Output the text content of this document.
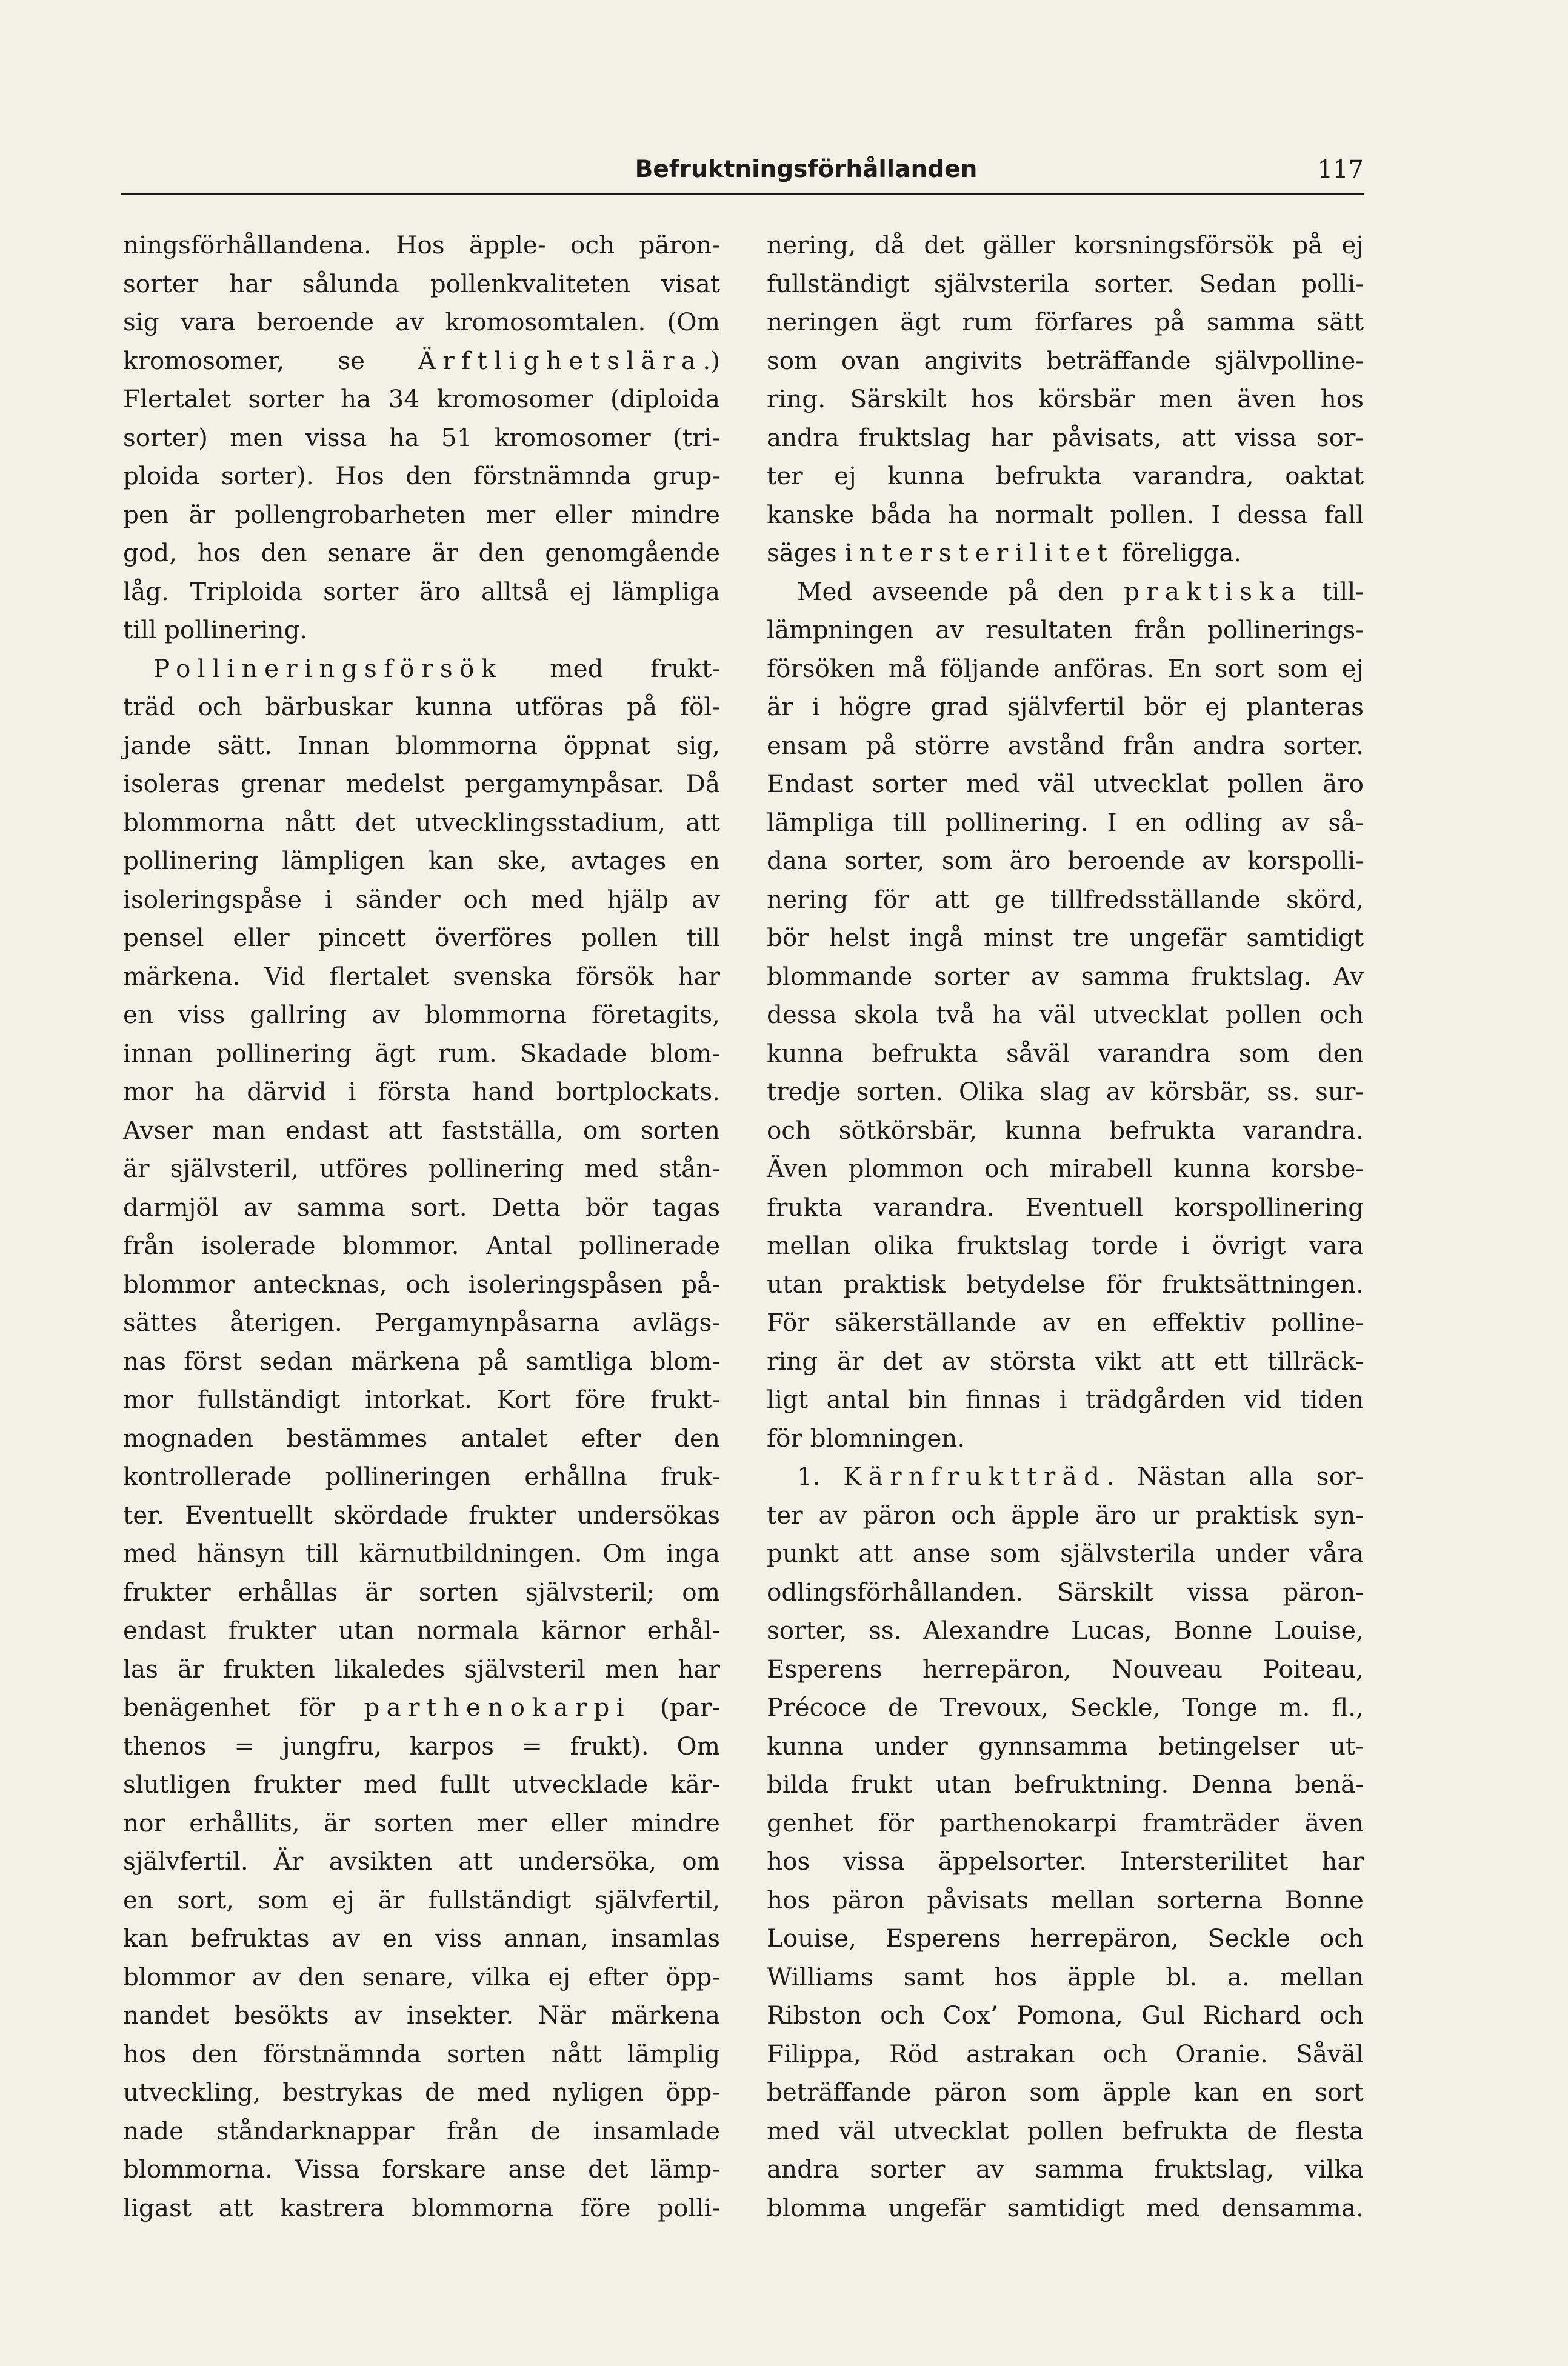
Befruktningsförhållanden	117
ningsförhållandena. Hos äpple- och päron-
sorter har sålunda pollenkvaliteten visat
sig vara beroende av kromosomtalen. (Om
kromosomer, se Ärftlighetslära.)
Flertalet sorter ha 34 kromosomer (diploida
sorter) men vissa ha 51 kromosomer (tri-
ploida sorter). Hos den förstnämnda grup-
pen är pollengrobarheten mer eller mindre
god, hos den senare är den genomgående
låg. Triploida sorter äro alltså ej lämpliga
till pollinering.
Pollineringsförsök med frukt-
träd och bärbuskar kunna utföras på föl-
jande sätt. Innan blommorna öppnat sig,
isoleras grenar medelst pergamynpåsar. Då
blommorna nått det utvecklingsstadium, att
pollinering lämpligen kan ske, avtages en
isoleringspåse i sänder och med hjälp av
pensel eller pincett överföres pollen till
märkena. Vid flertalet svenska försök har
en viss gallring av blommorna företagits,
innan pollinering ägt rum. Skadade blom-
mor ha därvid i första hand bortplockats.
Avser man endast att fastställa, om sorten
är självsteril, utföres pollinering med stån-
darmjöl av samma sort. Detta bör tagas
från isolerade blommor. Antal pollinerade
blommor antecknas, och isoleringspåsen på-
sättes återigen. Pergamynpåsarna avlägs-
nas först sedan märkena på samtliga blom-
mor fullständigt intorkat. Kort före frukt-
mognaden bestämmes antalet efter den
kontrollerade pollineringen erhållna fruk-
ter. Eventuellt skördade frukter undersökas
med hänsyn till kärnutbildningen. Om inga
frukter erhållas är sorten självsteril; om
endast frukter utan normala kärnor erhål-
las är frukten likaledes självsteril men har
benägenhet för parthenokarpi (par-
thenos = jungfru, karpos = frukt). Om
slutligen frukter med fullt utvecklade kär-
nor erhållits, är sorten mer eller mindre
självfertil. Är avsikten att undersöka, om
en sort, som ej är fullständigt självfertil,
kan befruktas av en viss annan, insamlas
blommor av den senare, vilka ej efter öpp-
nandet besökts av insekter. När märkena
hos den förstnämnda sorten nått lämplig
utveckling, bestrykas de med nyligen öpp-
nade ståndarknappar från de insamlade
blommorna. Vissa forskare anse det lämp-
ligast att kastrera blommorna före polli-
nering, då det gäller korsningsförsök på ej
fullständigt självsterila sorter. Sedan polli-
neringen ägt rum förfares på samma sätt
som ovan angivits beträffande självpolline-
ring. Särskilt hos körsbär men även hos
andra fruktslag har påvisats, att vissa sor-
ter ej kunna befrukta varandra, oaktat
kanske båda ha normalt pollen. I dessa fall
säges intersterilitet föreligga.
Med avseende på den praktiska till-
lämpningen av resultaten från pollinerings-
försöken må följande anföras. En sort som ej
är i högre grad självfertil bör ej planteras
ensam på större avstånd från andra sorter.
Endast sorter med väl utvecklat pollen äro
lämpliga till pollinering. I en odling av så-
dana sorter, som äro beroende av korspolli-
nering för att ge tillfredsställande skörd,
bör helst ingå minst tre ungefär samtidigt
blommande sorter av samma fruktslag. Av
dessa skola två ha väl utvecklat pollen och
kunna befrukta såväl varandra som den
tredje sorten. Olika slag av körsbär, ss. sur-
och sötkörsbär, kunna befrukta varandra.
Även plommon och mirabell kunna korsbe-
frukta varandra. Eventuell korspollinering
mellan olika fruktslag torde i övrigt vara
utan praktisk betydelse för fruktsättningen.
För säkerställande av en effektiv polline-
ring är det av största vikt att ett tillräck-
ligt antal bin finnas i trädgården vid tiden
för blomningen.
1. Kärnfruktträd. Nästan alla sor-
ter av päron och äpple äro ur praktisk syn-
punkt att anse som självsterila under våra
odlingsförhållanden. Särskilt vissa päron-
sorter, ss. Alexandre Lucas, Bonne Louise,
Esperens herrepäron, Nouveau Poiteau,
Précoce de Trevoux, Seckle, Tonge m. fl.,
kunna under gynnsamma betingelser ut-
bilda frukt utan befruktning. Denna benä-
genhet för parthenokarpi framträder även
hos vissa äppelsorter. Intersterilitet har
hos päron påvisats mellan sorterna Bonne
Louise, Esperens herrepäron, Seckle och
Williams samt hos äpple bl. a. mellan
Ribston och Cox’ Pomona, Gul Richard och
Filippa, Röd astrakan och Oranie. Såväl
beträffande päron som äpple kan en sort
med väl utvecklat pollen befrukta de flesta
andra sorter av samma fruktslag, vilka
blomma ungefär samtidigt med densamma.
